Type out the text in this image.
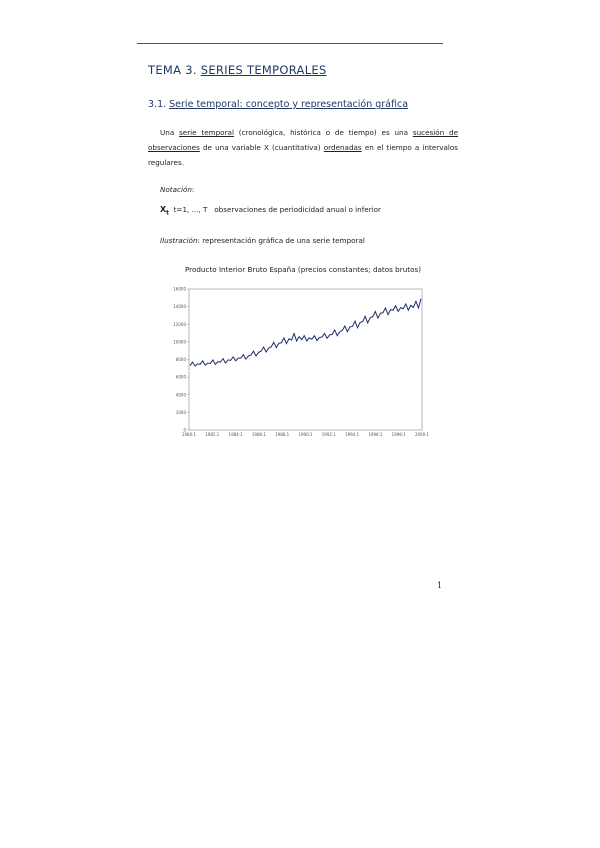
TEMA 3. SERIES TEMPORALES
3.1. Serie temporal: concepto y representación gráfica
Una serie temporal (cronológica, histórica o de tiempo) es una sucesión de observaciones de una variable X (cuantitativa) ordenadas en el tiempo a intervalos regulares.
Notación:
$X_t$  t=1, ..., T   observaciones de periodicidad anual o inferior
Ilustración: representación gráfica de una serie temporal
Producto Interior Bruto España (precios constantes; datos brutos)
0
2000
4000
6000
8000
10000
12000
14000
16000
1980:1 1982:1 1984:1 1986:1 1988:1 1990:1 1992:1 1994:1 1996:1 1998:1 2000:1
1
